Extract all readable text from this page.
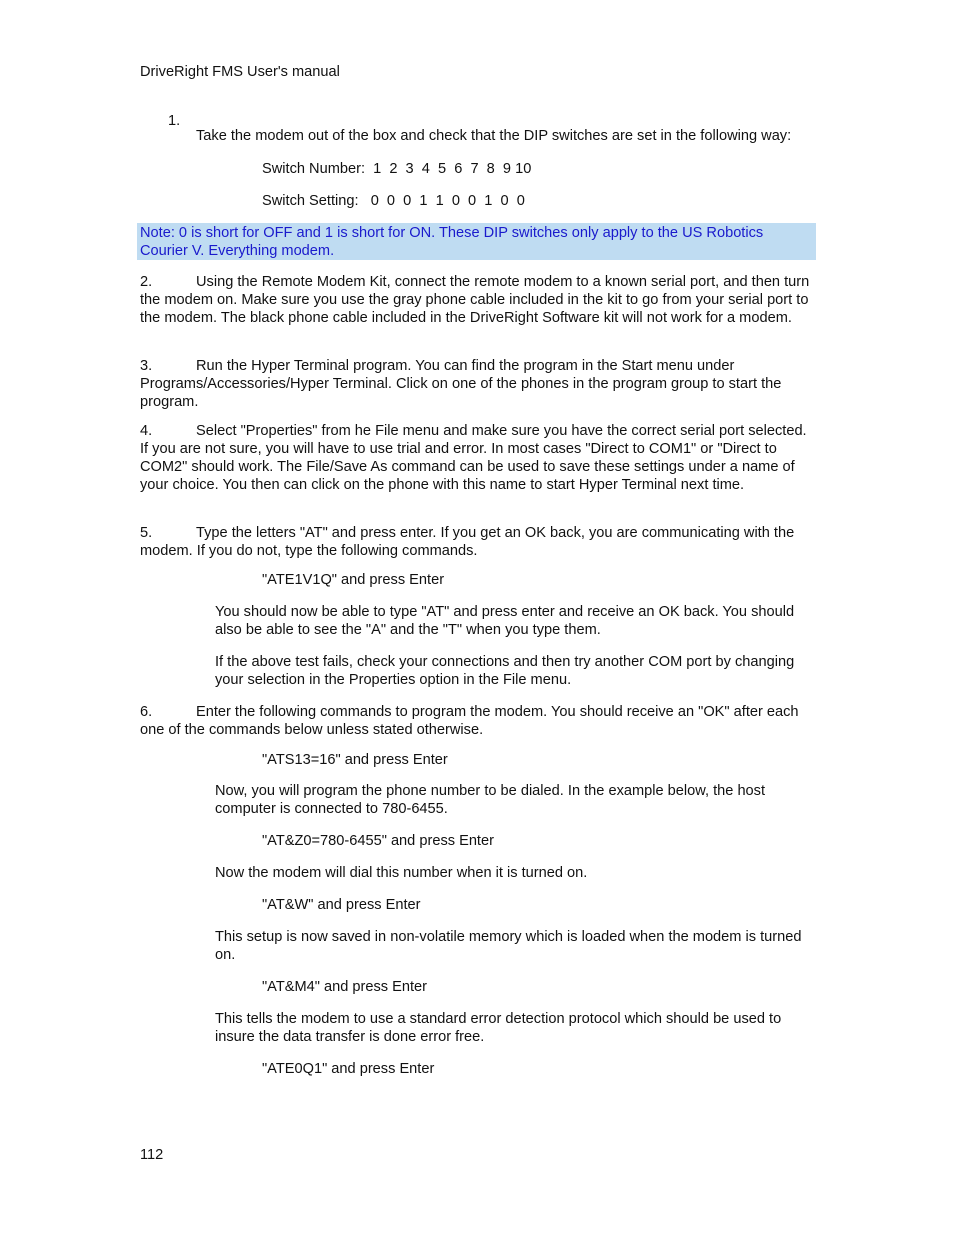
DriveRight FMS User's manual

1.

Take the modem out of the box and check that the DIP switches are set in the following way:

Switch Number:  1  2  3  4  5  6  7  8  9 10

Switch Setting:   0  0  0  1  1  0  0  1  0  0

Note: 0 is short for OFF and 1 is short for ON. These DIP switches only apply to the US Robotics Courier V. Everything modem.

2.	Using the Remote Modem Kit, connect the remote modem to a known serial port, and then turn the modem on. Make sure you use the gray phone cable included in the kit to go from your serial port to the modem. The black phone cable included in the DriveRight Software kit will not work for a modem.

3.	Run the Hyper Terminal program. You can find the program in the Start menu under Programs/Accessories/Hyper Terminal. Click on one of the phones in the program group to start the program.

4.	Select "Properties" from he File menu and make sure you have the correct serial port selected. If you are not sure, you will have to use trial and error. In most cases "Direct to COM1" or "Direct to COM2" should work. The File/Save As command can be used to save these settings under a name of your choice. You then can click on the phone with this name to start Hyper Terminal next time.

5.	Type the letters "AT" and press enter. If you get an OK back, you are communicating with the modem. If you do not, type the following commands.

"ATE1V1Q" and press Enter

You should now be able to type "AT" and press enter and receive an OK back. You should also be able to see the "A" and the "T" when you type them.

If the above test fails, check your connections and then try another COM port by changing your selection in the Properties option in the File menu.

6.	Enter the following commands to program the modem. You should receive an "OK" after each one of the commands below unless stated otherwise.

"ATS13=16" and press Enter

Now, you will program the phone number to be dialed. In the example below, the host computer is connected to 780-6455.

"AT&Z0=780-6455" and press Enter

Now the modem will dial this number when it is turned on.

"AT&W" and press Enter

This setup is now saved in non-volatile memory which is loaded when the modem is turned on.

"AT&M4" and press Enter

This tells the modem to use a standard error detection protocol which should be used to insure the data transfer is done error free.

"ATE0Q1" and press Enter

112
